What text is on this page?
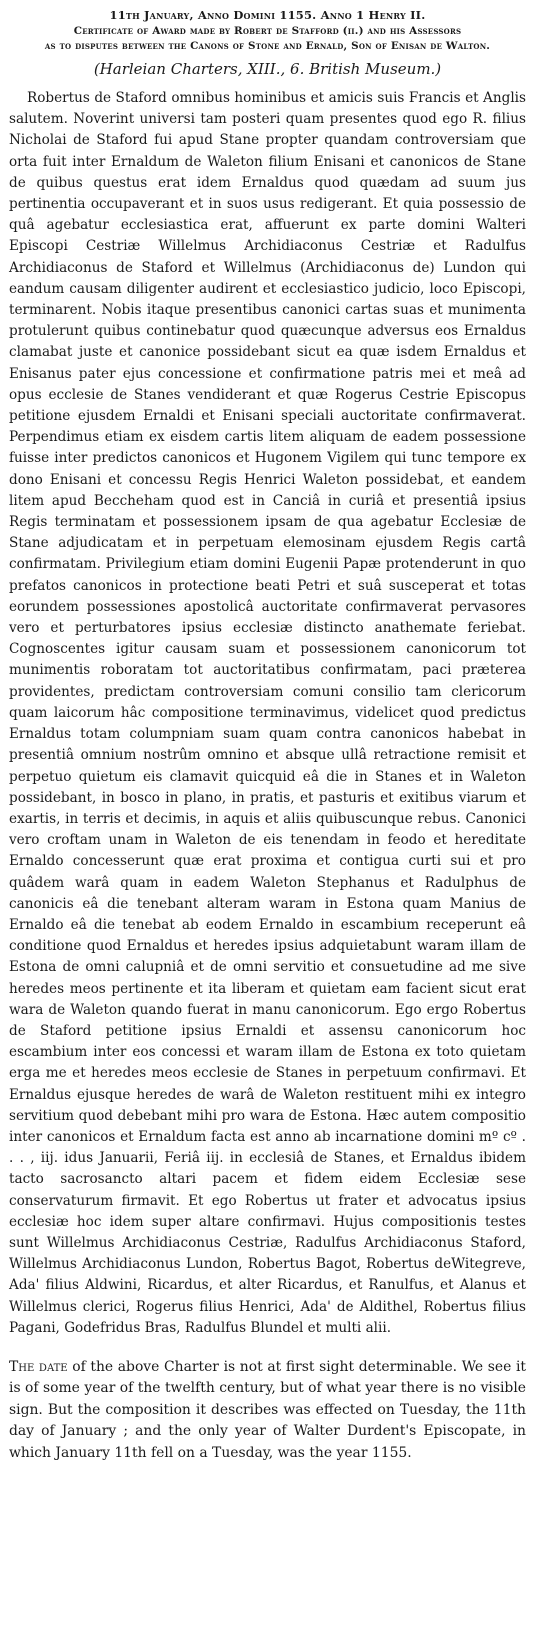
11th January, Anno Domini 1155. Anno 1 Henry II.
Certificate of Award made by Robert de Stafford (ii.) and his Assessors
as to disputes between the Canons of Stone and Ernald, Son of Enisan de Walton.
(Harleian Charters, XIII., 6. British Museum.)

Robertus de Staford omnibus hominibus et amicis suis Francis et Anglis salutem. Noverint universi tam posteri quam presentes quod ego R. filius Nicholai de Staford fui apud Stane propter quandam controversiam que orta fuit inter Ernaldum de Waleton filium Enisani et canonicos de Stane de quibus questus erat idem Ernaldus quod quædam ad suum jus pertinentia occupaverant et in suos usus redigerant. Et quia possessio de quâ agebatur ecclesiastica erat, affuerunt ex parte domini Walteri Episcopi Cestriæ Willelmus Archidiaconus Cestriæ et Radulfus Archidiaconus de Staford et Willelmus (Archidiaconus de) Lundon qui eandum causam diligenter audirent et ecclesiastico judicio, loco Episcopi, terminarent. Nobis itaque presentibus canonici cartas suas et munimenta protulerunt quibus continebatur quod quæcunque adversus eos Ernaldus clamabat juste et canonice possidebant sicut ea quæ isdem Ernaldus et Enisanus pater ejus concessione et confirmatione patris mei et meâ ad opus ecclesie de Stanes vendiderant et quæ Rogerus Cestrie Episcopus petitione ejusdem Ernaldi et Enisani speciali auctoritate confirmaverat. Perpendimus etiam ex eisdem cartis litem aliquam de eadem possessione fuisse inter predictos canonicos et Hugonem Vigilem qui tunc tempore ex dono Enisani et concessu Regis Henrici Waleton possidebat, et eandem litem apud Beccheham quod est in Canciâ in curiâ et presentiâ ipsius Regis terminatam et possessionem ipsam de qua agebatur Ecclesiæ de Stane adjudicatam et in perpetuam elemosinam ejusdem Regis cartâ confirmatam. Privilegium etiam domini Eugenii Papæ protenderunt in quo prefatos canonicos in protectione beati Petri et suâ susceperat et totas eorundem possessiones apostolicâ auctoritate confirmaverat pervasores vero et perturbatores ipsius ecclesiæ distincto anathemate feriebat. Cognoscentes igitur causam suam et possessionem canonicorum tot munimentis roboratam tot auctoritatibus confirmatam, paci præterea providentes, predictam controversiam comuni consilio tam clericorum quam laicorum hâc compositione terminavimus, videlicet quod predictus Ernaldus totam columpniam suam quam contra canonicos habebat in presentiâ omnium nostrûm omnino et absque ullâ retractione remisit et perpetuo quietum eis clamavit quicquid eâ die in Stanes et in Waleton possidebant, in bosco in plano, in pratis, et pasturis et exitibus viarum et exartis, in terris et decimis, in aquis et aliis quibuscunque rebus. Canonici vero croftam unam in Waleton de eis tenendam in feodo et hereditate Ernaldo concesserunt quæ erat proxima et contigua curti sui et pro quâdem warâ quam in eadem Waleton Stephanus et Radulphus de canonicis eâ die tenebant alteram waram in Estona quam Manius de Ernaldo eâ die tenebat ab eodem Ernaldo in escambium receperunt eâ conditione quod Ernaldus et heredes ipsius adquietabunt waram illam de Estona de omni calupniâ et de omni servitio et consuetudine ad me sive heredes meos pertinente et ita liberam et quietam eam facient sicut erat wara de Waleton quando fuerat in manu canonicorum. Ego ergo Robertus de Staford petitione ipsius Ernaldi et assensu canonicorum hoc escambium inter eos concessi et waram illam de Estona ex toto quietam erga me et heredes meos ecclesie de Stanes in perpetuum confirmavi. Et Ernaldus ejusque heredes de warâ de Waleton restituent mihi ex integro servitium quod debebant mihi pro wara de Estona. Hæc autem compositio inter canonicos et Ernaldum facta est anno ab incarnatione domini mº cº . . . , iij. idus Januarii, Feriâ iij. in ecclesiâ de Stanes, et Ernaldus ibidem tacto sacrosancto altari pacem et fidem eidem Ecclesiæ sese conservaturum firmavit. Et ego Robertus ut frater et advocatus ipsius ecclesiæ hoc idem super altare confirmavi. Hujus compositionis testes sunt Willelmus Archidiaconus Cestriæ, Radulfus Archidiaconus Staford, Willelmus Archidiaconus Lundon, Robertus Bagot, Robertus deWitegreve, Ada' filius Aldwini, Ricardus, et alter Ricardus, et Ranulfus, et Alanus et Willelmus clerici, Rogerus filius Henrici, Ada' de Aldithel, Robertus filius Pagani, Godefridus Bras, Radulfus Blundel et multi alii.

The date of the above Charter is not at first sight determinable. We see it is of some year of the twelfth century, but of what year there is no visible sign. But the composition it describes was effected on Tuesday, the 11th day of January ; and the only year of Walter Durdent's Episcopate, in which January 11th fell on a Tuesday, was the year 1155.
